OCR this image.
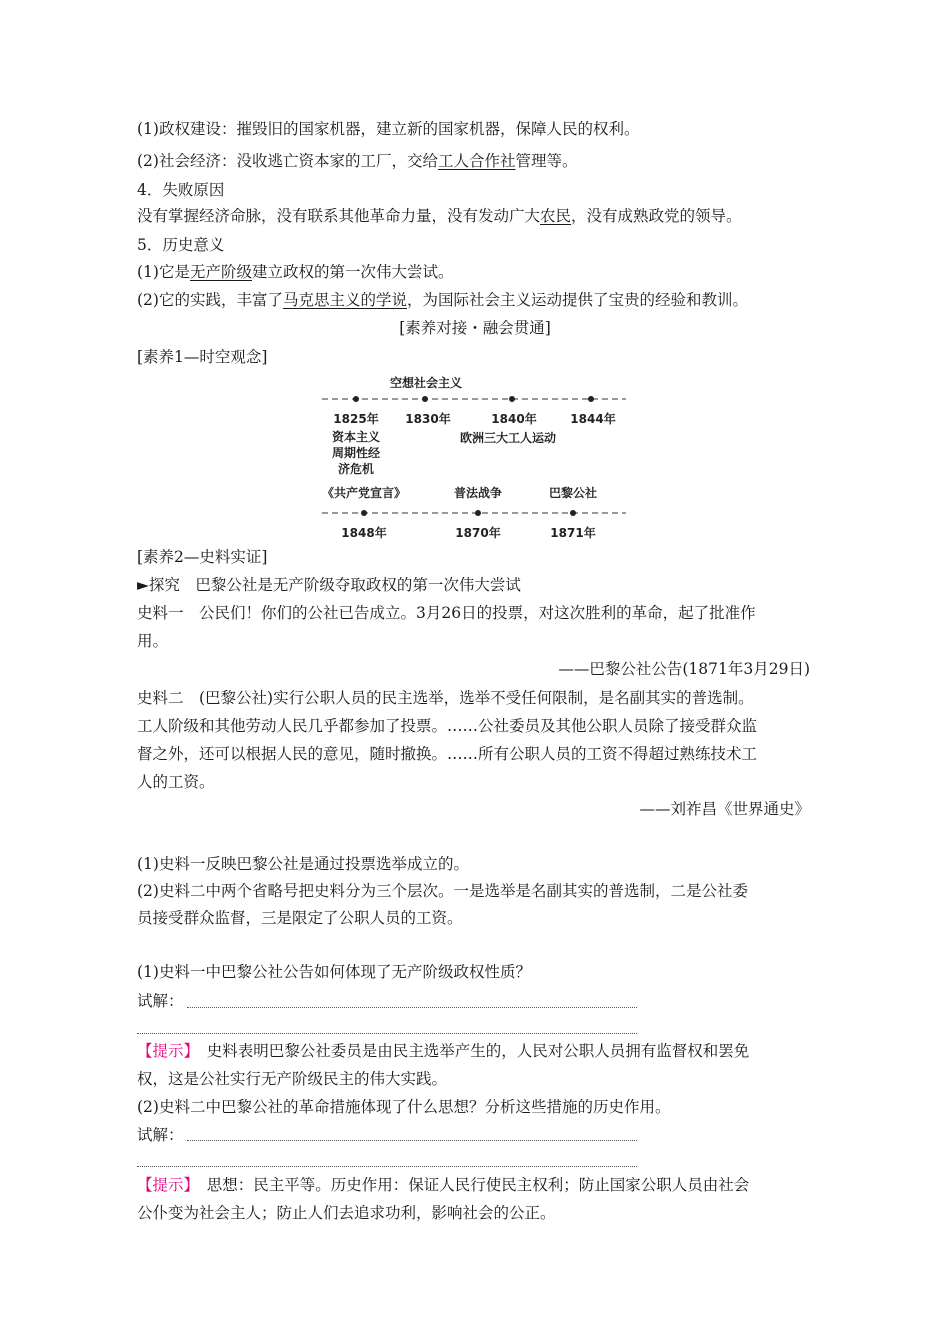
(1)政权建设：摧毁旧的国家机器，建立新的国家机器，保障人民的权利。
(2)社会经济：没收逃亡资本家的工厂，交给工人合作社管理等。
4．失败原因
没有掌握经济命脉，没有联系其他革命力量，没有发动广大农民，没有成熟政党的领导。
5．历史意义
(1)它是无产阶级建立政权的第一次伟大尝试。
(2)它的实践，丰富了马克思主义的学说，为国际社会主义运动提供了宝贵的经验和教训。
[素养对接・融会贯通]
[素养1—时空观念]
空想社会主义
1825年 1830年	1840年	1844年
资本主义
周期性经
济危机
欧洲三大工人运动
《共产党宣言》	普法战争	巴黎公社
1848年	1870年	1871年
[素养2—史料实证]
►探究　巴黎公社是无产阶级夺取政权的第一次伟大尝试
史料一　公民们！你们的公社已告成立。3月26日的投票，对这次胜利的革命，起了批准作
用。
——巴黎公社公告(1871年3月29日)
史料二　(巴黎公社)实行公职人员的民主选举，选举不受任何限制，是名副其实的普选制。
工人阶级和其他劳动人民几乎都参加了投票。……公社委员及其他公职人员除了接受群众监
督之外，还可以根据人民的意见，随时撤换。……所有公职人员的工资不得超过熟练技术工
人的工资。
——刘祚昌《世界通史》
(1)史料一反映巴黎公社是通过投票选举成立的。
(2)史料二中两个省略号把史料分为三个层次。一是选举是名副其实的普选制，二是公社委
员接受群众监督，三是限定了公职人员的工资。
(1)史料一中巴黎公社公告如何体现了无产阶级政权性质？
试解：
【提示】　史料表明巴黎公社委员是由民主选举产生的，人民对公职人员拥有监督权和罢免
权，这是公社实行无产阶级民主的伟大实践。
(2)史料二中巴黎公社的革命措施体现了什么思想？分析这些措施的历史作用。
试解：
【提示】　思想：民主平等。历史作用：保证人民行使民主权利；防止国家公职人员由社会
公仆变为社会主人；防止人们去追求功利，影响社会的公正。
